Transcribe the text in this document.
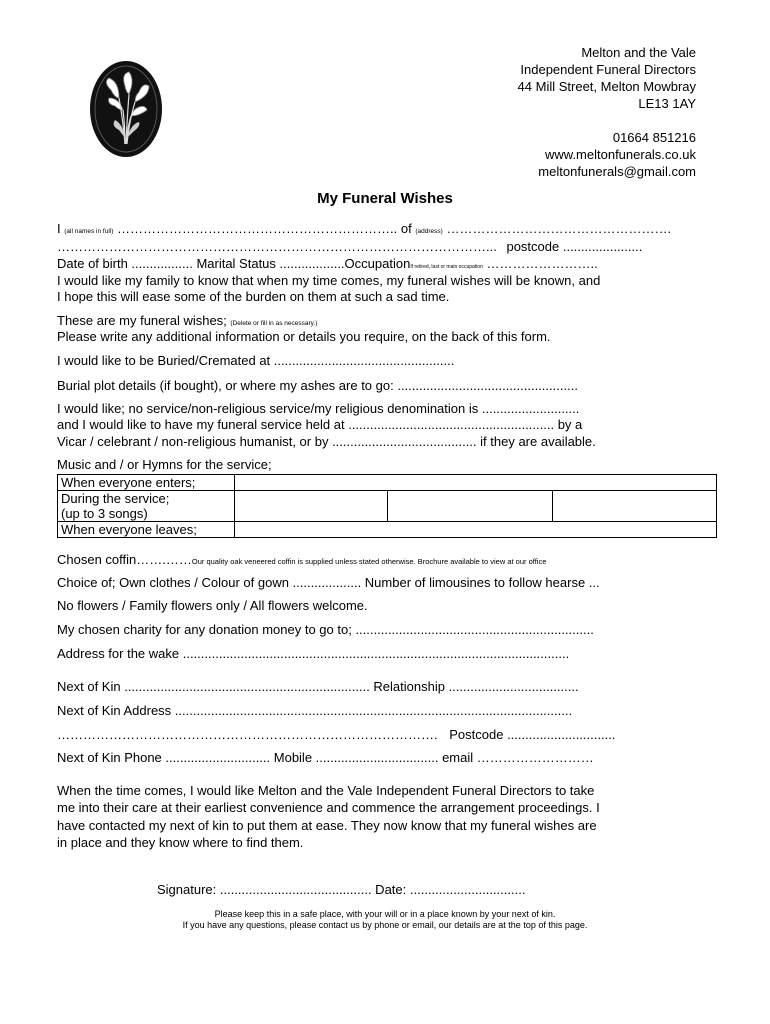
Melton and the Vale
Independent Funeral Directors
44 Mill Street, Melton Mowbray
LE13 1AY
01664 851216
www.meltonfunerals.co.uk
meltonfunerals@gmail.com
My Funeral Wishes
I (all names in full) ……………………………………………………….. of (address) …………………………………………….
………………………………………………………………………………………... postcode ......................
Date of birth ................. Marital Status ..................OccupationIf retired, last or main occupation ……………………..
I would like my family to know that when my time comes, my funeral wishes will be known, and
I hope this will ease some of the burden on them at such a sad time.
These are my funeral wishes; (Delete or fill in as necessary.)
Please write any additional information or details you require, on the back of this form.
I would like to be Buried/Cremated at ..................................................
Burial plot details (if bought), or where my ashes are to go: ..................................................
I would like; no service/non-religious service/my religious denomination is ...........................
and I would like to have my funeral service held at ......................................................... by a
Vicar / celebrant / non-religious humanist, or by ........................................ if they are available.
Music and / or Hymns for the service;
When everyone enters;			

During the service;
(up to 3 songs)			

When everyone leaves;			
Chosen coffin…….……Our quality oak veneered coffin is supplied unless stated otherwise. Brochure available to view at our office
Choice of; Own clothes / Colour of gown ................... Number of limousines to follow hearse ...
No flowers / Family flowers only / All flowers welcome.
My chosen charity for any donation money to go to; ..................................................................
Address for the wake ...........................................................................................................
Next of Kin .................................................................... Relationship ....................................
Next of Kin Address ..............................................................................................................
……………………………………………………………………………. Postcode ..............................
Next of Kin Phone ............................. Mobile .................................. email ………………………
When the time comes, I would like Melton and the Vale Independent Funeral Directors to take
me into their care at their earliest convenience and commence the arrangement proceedings. I
have contacted my next of kin to put them at ease. They now know that my funeral wishes are
in place and they know where to find them.
Signature: .......................................... Date: ................................
Please keep this in a safe place, with your will or in a place known by your next of kin.
If you have any questions, please contact us by phone or email, our details are at the top of this page.
